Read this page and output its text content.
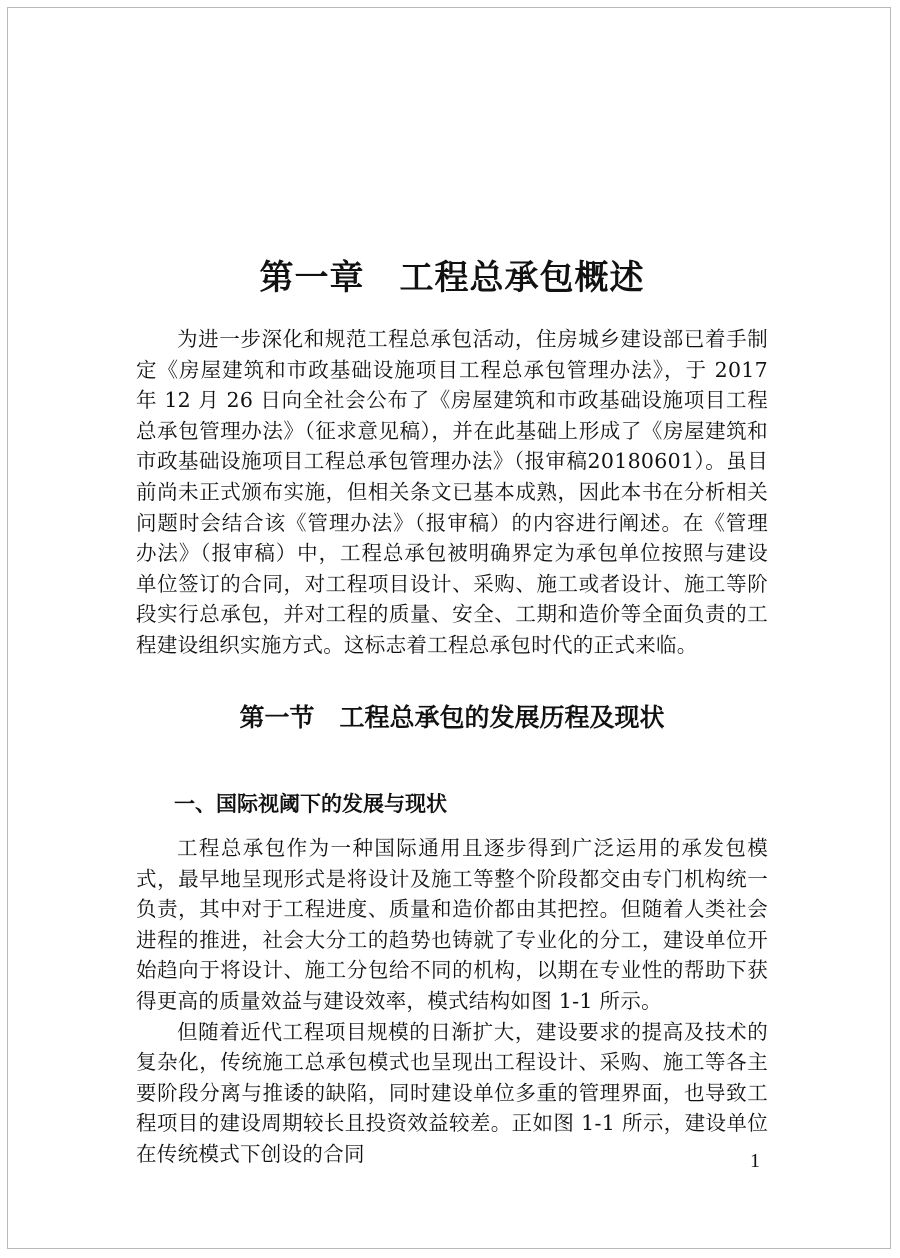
第一章　工程总承包概述

为进一步深化和规范工程总承包活动，住房城乡建设部已着手制定《房屋建筑和市政基础设施项目工程总承包管理办法》，于 2017 年 12 月 26 日向全社会公布了《房屋建筑和市政基础设施项目工程总承包管理办法》（征求意见稿），并在此基础上形成了《房屋建筑和市政基础设施项目工程总承包管理办法》（报审稿20180601）。虽目前尚未正式颁布实施，但相关条文已基本成熟，因此本书在分析相关问题时会结合该《管理办法》（报审稿）的内容进行阐述。在《管理办法》（报审稿）中，工程总承包被明确界定为承包单位按照与建设单位签订的合同，对工程项目设计、采购、施工或者设计、施工等阶段实行总承包，并对工程的质量、安全、工期和造价等全面负责的工程建设组织实施方式。这标志着工程总承包时代的正式来临。

第一节　工程总承包的发展历程及现状
一、国际视阈下的发展与现状

工程总承包作为一种国际通用且逐步得到广泛运用的承发包模式，最早地呈现形式是将设计及施工等整个阶段都交由专门机构统一负责，其中对于工程进度、质量和造价都由其把控。但随着人类社会进程的推进，社会大分工的趋势也铸就了专业化的分工，建设单位开始趋向于将设计、施工分包给不同的机构，以期在专业性的帮助下获得更高的质量效益与建设效率，模式结构如图 1-1 所示。

但随着近代工程项目规模的日渐扩大，建设要求的提高及技术的复杂化，传统施工总承包模式也呈现出工程设计、采购、施工等各主要阶段分离与推诿的缺陷，同时建设单位多重的管理界面，也导致工程项目的建设周期较长且投资效益较差。正如图 1-1 所示，建设单位在传统模式下创设的合同	1
